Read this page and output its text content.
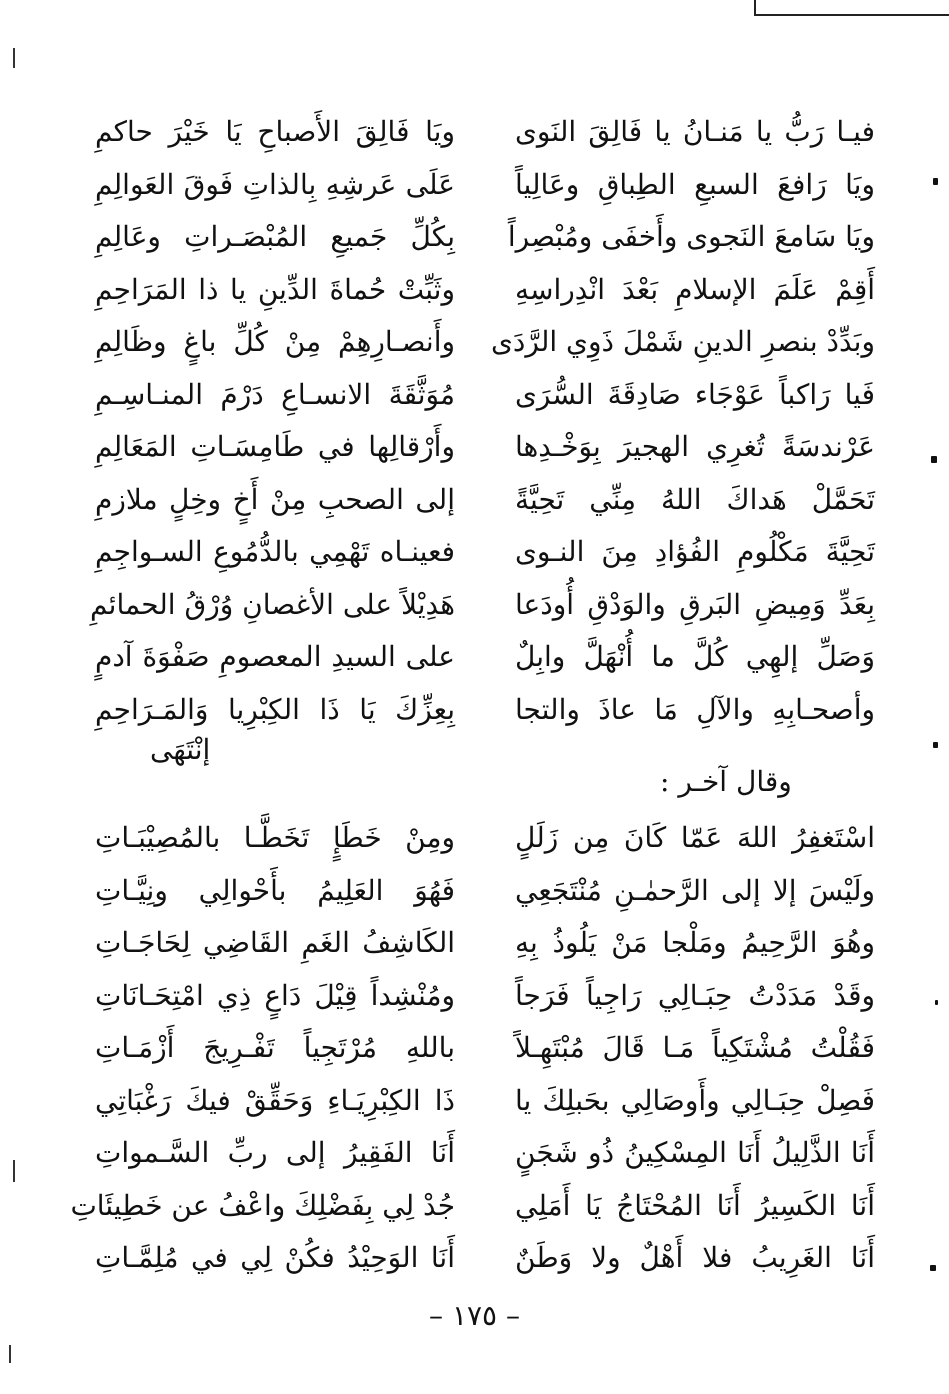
فيـا رَبُّ يا مَنـانُ يا فَالِقَ النَوى
ويَا فَالِقَ الأَصباحِ يَا خَيْرَ حاكمِ
ويَا رَافعَ السبعِ الطِباقِ وعَالِياً
عَلَى عَرشِهِ بِالذاتِ فَوقَ العَوالِمِ
ويَا سَامعَ النَجوى وأَخفَى ومُبْصِراً
بِكُلِّ جَميعِ المُبْصَـراتِ وعَالِمِ
أَقِمْ عَلَمَ الإسلامِ بَعْدَ انْدِراسِهِ
وثَبِّتْ حُماةَ الدِّينِ يا ذا المَرَاحِمِ
وبَدِّدْ بنصرِ الدينِ شَمْلَ ذَوِي الرَّدَى
وأَنصـارِهِمْ مِنْ كُلِّ باغٍ وظَالِمِ
فَيا رَاكباً عَوْجَاء صَادِقَةَ السُّرَى
مُوَثَّقَةَ الانسـاعِ دَرْمَ المنـاسِـمِ
عَرْندسَةً تُغرِي الهجيرَ بِوَخْـدِها
وأَرْقالِها في طَامِسَـاتِ المَعَالِمِ
تَحَمَّلْ هَداكَ اللهُ مِنِّي تَحِيَّةً
إلى الصحبِ مِنْ أَخٍ وخِلٍ ملازمِ
تَحِيَّةَ مَكْلُومِ الفُؤادِ مِنَ النـوى
فعينـاه تَهْمِي بالدُّمُوعِ السـواجِمِ
بِعَدِّ وَمِيضِ البَرقِ والوَدْقِ أُودَعا
هَدِيْلاً على الأغصانِ وُرْقُ الحمائمِ
وَصَلِّ إلهِي كُلَّ ما أُنْهَلَّ وابِلٌ
على السيدِ المعصومِ صَفْوَةَ آدمٍ
وأصحـابِهِ والآلِ مَا عاذَ والتجا
بِعِزِّكَ يَا ذَا الكِبْرِيا وَالمَـرَاحِمِ
إنْتَهَى
وقال آخـر :
اسْتَغفِرُ اللهَ عَمّا كَانَ مِن زَلَلٍ
ومِنْ خَطَإٍ تَخَطَّـا بالمُصِيْبَـاتِ
ولَيْسَ إلا إلى الرَّحمٰـنِ مُنْتَجَعِي
فَهُوَ العَلِيمُ بأَحْوالِي ونِيَّـاتِ
وهُوَ الرَّحِيمُ ومَلْجا مَنْ يَلُوذُ بِهِ
الكَاشِفُ الغَمِ القَاضِي لِحَاجَـاتِ
وقَدْ مَدَدْتُ حِبَـالِي رَاجِياً فَرَجاً
ومُنْشِداً قِيْلَ دَاعٍ ذِي امْتِحَـانَاتِ
فَقُلْتُ مُشْتَكِياً مَـا قَالَ مُبْتَهِـلاً
باللهِ مُرْتَجِياً تَفْـرِيجَ أَزْمَـاتِ
فَصِلْ حِبَـالِي وأَوصَالِي بحَبلِكَ يا
ذَا الكِبْرِيَـاءِ وَحَقِّقْ فيكَ رَغْبَاتِي
أَنَا الذَّلِيلُ أَنَا المِسْكِينُ ذُو شَجَنٍ
أَنَا الفَقِيرُ إلى ربِّ السَّـمواتِ
أَنَا الكَسِيرُ أَنَا المُحْتَاجُ يَا أَمَلِي
جُدْ لِي بِفَضْلِكَ واعْفُ عن خَطِيئَاتِ
أَنَا الغَرِيبُ فلا أَهْلٌ ولا وَطَنٌ
أَنَا الوَحِيْدُ فكُنْ لِي في مُلِمَّـاتِ
– ١٧٥ –
